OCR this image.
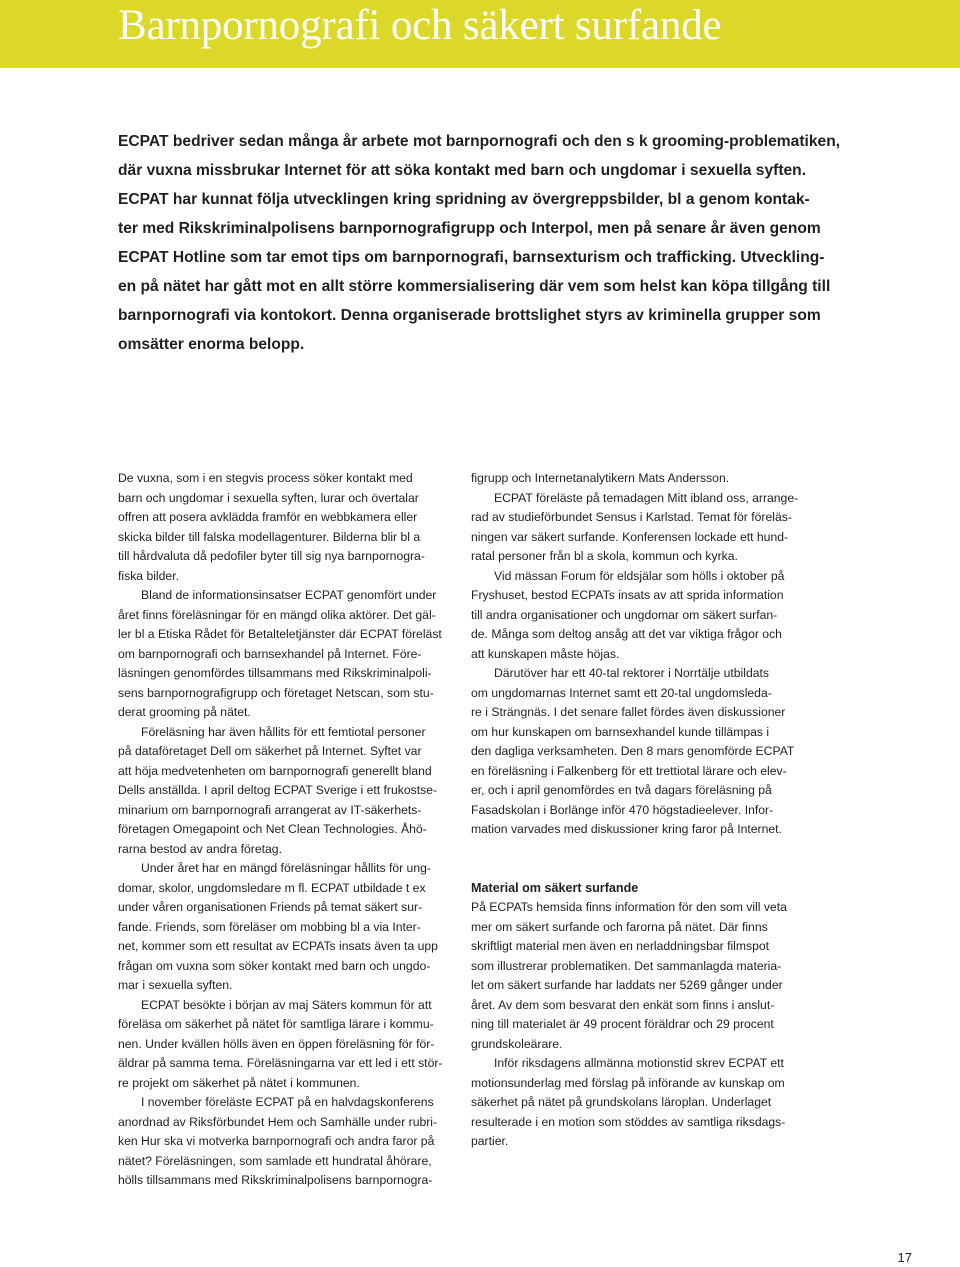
Barnpornografi och säkert surfande
ECPAT bedriver sedan många år arbete mot barnpornografi och den s k grooming-problematiken,
där vuxna missbrukar Internet för att söka kontakt med barn och ungdomar i sexuella syften.
ECPAT har kunnat följa utvecklingen kring spridning av övergreppsbilder, bl a genom kontak-
ter med Rikskriminalpolisens barnpornografigrupp och Interpol, men på senare år även genom
ECPAT Hotline som tar emot tips om barnpornografi, barnsexturism och trafficking. Utveckling-
en på nätet har gått mot en allt större kommersialisering där vem som helst kan köpa tillgång till
barnpornografi via kontokort. Denna organiserade brottslighet styrs av kriminella grupper som
omsätter enorma belopp.
De vuxna, som i en stegvis process söker kontakt med
barn och ungdomar i sexuella syften, lurar och övertalar
offren att posera avklädda framför en webbkamera eller
skicka bilder till falska modellagenturer. Bilderna blir bl a
till hårdvaluta då pedofiler byter till sig nya barnpornogra-
fiska bilder.
Bland de informationsinsatser ECPAT genomfört under
året finns föreläsningar för en mängd olika aktörer. Det gäl-
ler bl a Etiska Rådet för Betalteletjänster där ECPAT föreläst
om barnpornografi och barnsexhandel på Internet. Före-
läsningen genomfördes tillsammans med Rikskriminalpoli-
sens barnpornografigrupp och företaget Netscan, som stu-
derat grooming på nätet.
Föreläsning har även hållits för ett femtiotal personer
på dataföretaget Dell om säkerhet på Internet. Syftet var
att höja medvetenheten om barnpornografi generellt bland
Dells anställda. I april deltog ECPAT Sverige i ett frukostse-
minarium om barnpornografi arrangerat av IT-säkerhets-
företagen Omegapoint och Net Clean Technologies. Åhö-
rarna bestod av andra företag.
Under året har en mängd föreläsningar hållits för ung-
domar, skolor, ungdomsledare m fl. ECPAT utbildade t ex
under våren organisationen Friends på temat säkert sur-
fande. Friends, som föreläser om mobbing bl a via Inter-
net, kommer som ett resultat av ECPATs insats även ta upp
frågan om vuxna som söker kontakt med barn och ungdo-
mar i sexuella syften.
ECPAT besökte i början av maj Säters kommun för att
föreläsa om säkerhet på nätet för samtliga lärare i kommu-
nen. Under kvällen hölls även en öppen föreläsning för för-
äldrar på samma tema. Föreläsningarna var ett led i ett stör-
re projekt om säkerhet på nätet i kommunen.
I november föreläste ECPAT på en halvdagskonferens
anordnad av Riksförbundet Hem och Samhälle under rubri-
ken Hur ska vi motverka barnpornografi och andra faror på
nätet? Föreläsningen, som samlade ett hundratal åhörare,
hölls tillsammans med Rikskriminalpolisens barnpornogra-
figrupp och Internetanalytikern Mats Andersson.
ECPAT föreläste på temadagen Mitt ibland oss, arrange-
rad av studieförbundet Sensus i Karlstad. Temat för föreläs-
ningen var säkert surfande. Konferensen lockade ett hund-
ratal personer från bl a skola, kommun och kyrka.
Vid mässan Forum för eldsjälar som hölls i oktober på
Fryshuset, bestod ECPATs insats av att sprida information
till andra organisationer och ungdomar om säkert surfan-
de. Många som deltog ansåg att det var viktiga frågor och
att kunskapen måste höjas.
Därutöver har ett 40-tal rektorer i Norrtälje utbildats
om ungdomarnas Internet samt ett 20-tal ungdomsleda-
re i Strängnäs. I det senare fallet fördes även diskussioner
om hur kunskapen om barnsexhandel kunde tillämpas i
den dagliga verksamheten. Den 8 mars genomförde ECPAT
en föreläsning i Falkenberg för ett trettiotal lärare och elev-
er, och i april genomfördes en två dagars föreläsning på
Fasadskolan i Borlänge inför 470 högstadieelever. Infor-
mation varvades med diskussioner kring faror på Internet.
Material om säkert surfande
På ECPATs hemsida finns information för den som vill veta
mer om säkert surfande och farorna på nätet. Där finns
skriftligt material men även en nerladdningsbar filmspot
som illustrerar problematiken. Det sammanlagda materia-
let om säkert surfande har laddats ner 5269 gånger under
året. Av dem som besvarat den enkät som finns i anslut-
ning till materialet är 49 procent föräldrar och 29 procent
grundskoleärare.
Inför riksdagens allmänna motionstid skrev ECPAT ett
motionsunderlag med förslag på införande av kunskap om
säkerhet på nätet på grundskolans läroplan. Underlaget
resulterade i en motion som stöddes av samtliga riksdags-
partier.
17
